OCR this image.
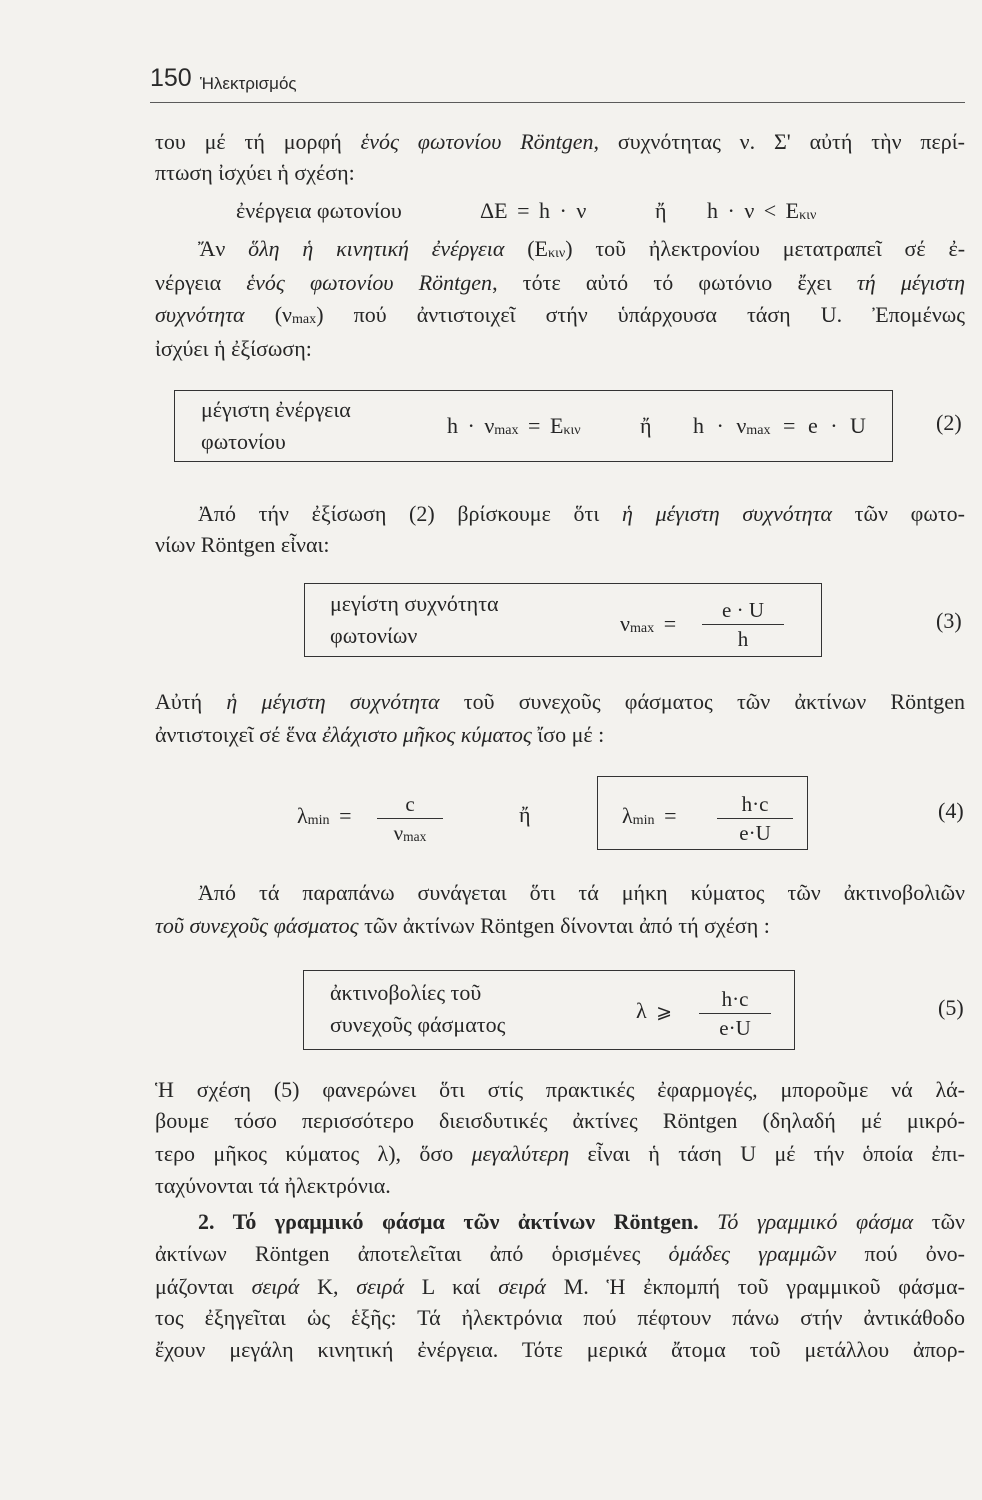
150 Ἡλεκτρισμός
του μέ τή μορφή ἑνός φωτονίου Röntgen, συχνότητας ν. Σ' αὐτή τὴν περί-
πτωση ἰσχύει ἡ σχέση:
ἐνέργεια φωτονίου	ΔΕ = h · ν	ἤ h · ν < Eκιν
Ἄν ὅλη ἡ κινητική ἐνέργεια (Eκιν) τοῦ ἠλεκτρονίου μετατραπεῖ σέ ἐ-
νέργεια ἑνός φωτονίου Röntgen, τότε αὐτό τό φωτόνιο ἔχει τή μέγιστη
συχνότητα (νmax) πού ἀντιστοιχεῖ στήν ὑπάρχουσα τάση U. Ἐπομένως
ἰσχύει ἡ ἐξίσωση:
μέγιστη ἐνέργεια
φωτονίου
h · νmax = Eκιν	ἤ h · νmax = e · U	(2)
Ἀπό τήν ἐξίσωση (2) βρίσκουμε ὅτι ἡ μέγιστη συχνότητα τῶν φωτο-
νίων Röntgen εἶναι:
μεγίστη συχνότητα
φωτονίων	νmax =
e · U
h
(3)
Αὐτή ἡ μέγιστη συχνότητα τοῦ συνεχοῦς φάσματος τῶν ἀκτίνων Röntgen
ἀντιστοιχεῖ σέ ἕνα ἐλάχιστο μῆκος κύματος ἴσο μέ :
λmin =	c
νmax
ἤ	λmin =	h·c
e·U
(4)
Ἀπό τά παραπάνω συνάγεται ὅτι τά μήκη κύματος τῶν ἀκτινοβολιῶν
τοῦ συνεχοῦς φάσματος τῶν ἀκτίνων Röntgen δίνονται ἀπό τή σχέση :
ἀκτινοβολίες τοῦ
συνεχοῦς φάσματος
λ ⩾
h·c
e·U
(5)
Ἡ σχέση (5) φανερώνει ὅτι στίς πρακτικές ἐφαρμογές, μποροῦμε νά λά-
βουμε τόσο περισσότερο διεισδυτικές ἀκτίνες Röntgen (δηλαδή μέ μικρό-
τερο μῆκος κύματος λ), ὅσο μεγαλύτερη εἶναι ἡ τάση U μέ τήν ὁποία ἐπι-
ταχύνονται τά ἠλεκτρόνια.
2. Τό γραμμικό φάσμα τῶν ἀκτίνων Röntgen. Τό γραμμικό φάσμα τῶν
ἀκτίνων Röntgen ἀποτελεῖται ἀπό ὁρισμένες ὁμάδες γραμμῶν πού ὀνο-
μάζονται σειρά K, σειρά L καί σειρά M. Ἡ ἐκπομπή τοῦ γραμμικοῦ φάσμα-
τος ἐξηγεῖται ὡς ἑξῆς: Τά ἠλεκτρόνια πού πέφτουν πάνω στήν ἀντικάθοδο
ἔχουν μεγάλη κινητική ἐνέργεια. Τότε μερικά ἄτομα τοῦ μετάλλου ἀπορ-
